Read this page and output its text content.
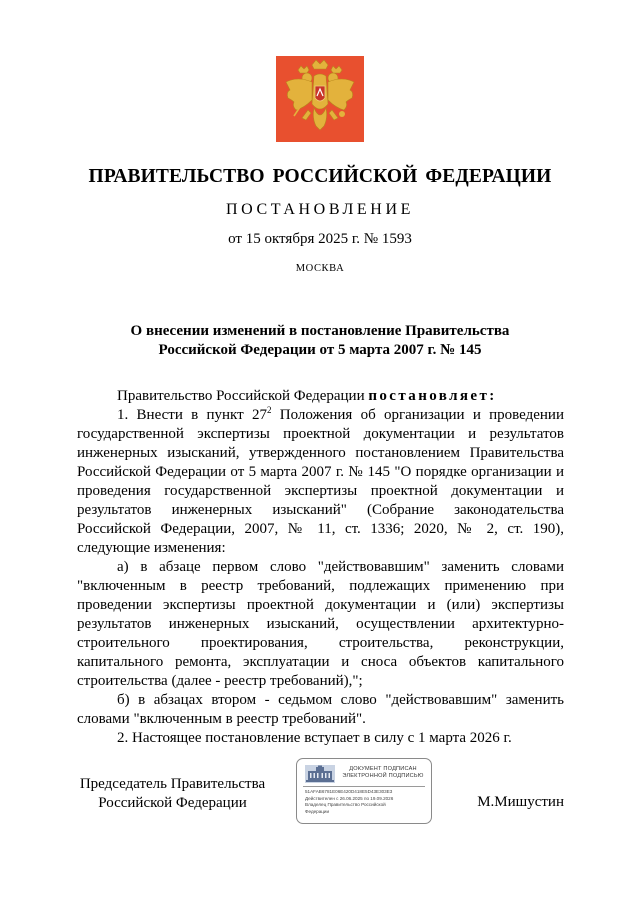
ПРАВИТЕЛЬСТВО РОССИЙСКОЙ ФЕДЕРАЦИИ
ПОСТАНОВЛЕНИЕ
от 15 октября 2025 г. № 1593
МОСКВА
О внесении изменений в постановление Правительства
Российской Федерации от 5 марта 2007 г. № 145

Правительство Российской Федерации постановляет:

1. Внести в пункт $27^2$ Положения об организации и проведении государственной экспертизы проектной документации и результатов инженерных изысканий, утвержденного постановлением Правительства Российской Федерации от 5 марта 2007 г. № 145 "О порядке организации и проведения государственной экспертизы проектной документации и результатов инженерных изысканий" (Собрание законодательства Российской Федерации, 2007, № 11, ст. 1336; 2020, № 2, ст. 190), следующие изменения:

а) в абзаце первом слово "действовавшим" заменить словами "включенным в реестр требований, подлежащих применению при проведении экспертизы проектной документации и (или) экспертизы результатов инженерных изысканий, осуществлении архитектурно-строительного проектирования, строительства, реконструкции, капитального ремонта, эксплуатации и сноса объектов капитального строительства (далее - реестр требований),";

б) в абзацах втором - седьмом слово "действовавшим" заменить словами "включенным в реестр требований".

2. Настоящее постановление вступает в силу с 1 марта 2026 г.

Председатель Правительства
Российской Федерации
ДОКУМЕНТ ПОДПИСАН
ЭЛЕКТРОННОЙ ПОДПИСЬЮ
51AFAB6781E06E420D418E5D43E303E3
Действителен с 26.06.2025 по 19.09.2026
Владелец Правительство Российской
Федерации
М.Мишустин
